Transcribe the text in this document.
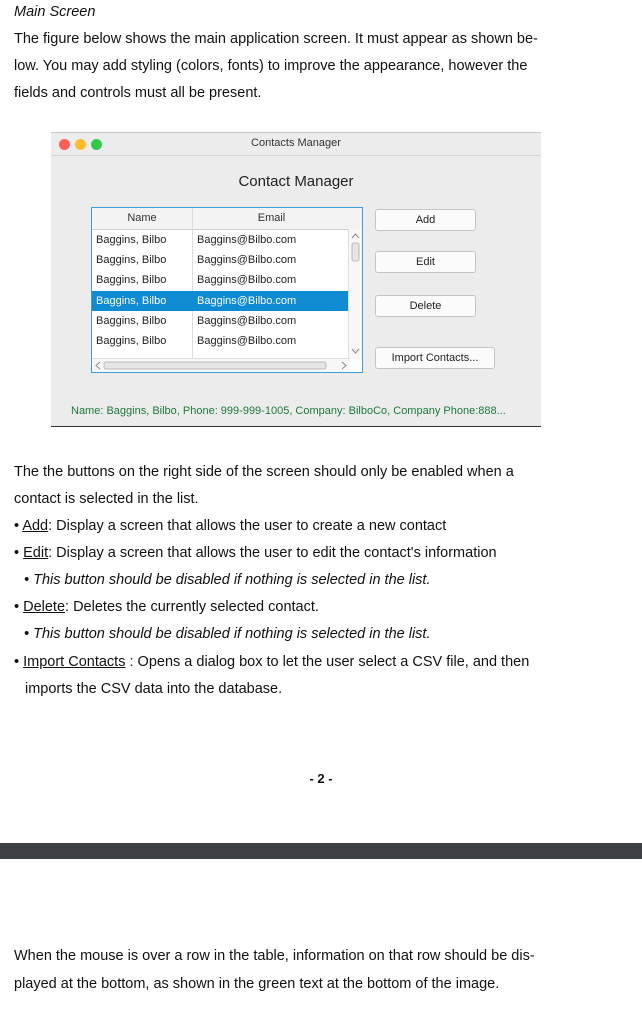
Main Screen
The figure below shows the main application screen. It must appear as shown be-
low. You may add styling (colors, fonts) to improve the appearance, however the
fields and controls must all be present.
Contacts Manager
Contact Manager
Name	Email
Baggins, Bilbo	Baggins@Bilbo.com
Baggins, Bilbo	Baggins@Bilbo.com
Baggins, Bilbo	Baggins@Bilbo.com
Baggins, Bilbo	Baggins@Bilbo.com
Baggins, Bilbo	Baggins@Bilbo.com
Baggins, Bilbo	Baggins@Bilbo.com
Add
Edit
Delete
Import Contacts...
Name: Baggins, Bilbo, Phone: 999-999-1005, Company: BilboCo, Company Phone:888...
The the buttons on the right side of the screen should only be enabled when a
contact is selected in the list.
• Add: Display a screen that allows the user to create a new contact
• Edit: Display a screen that allows the user to edit the contact's information
• This button should be disabled if nothing is selected in the list.
• Delete: Deletes the currently selected contact.
• This button should be disabled if nothing is selected in the list.
• Import Contacts : Opens a dialog box to let the user select a CSV file, and then
imports the CSV data into the database.
- 2 -
When the mouse is over a row in the table, information on that row should be dis-
played at the bottom, as shown in the green text at the bottom of the image.
